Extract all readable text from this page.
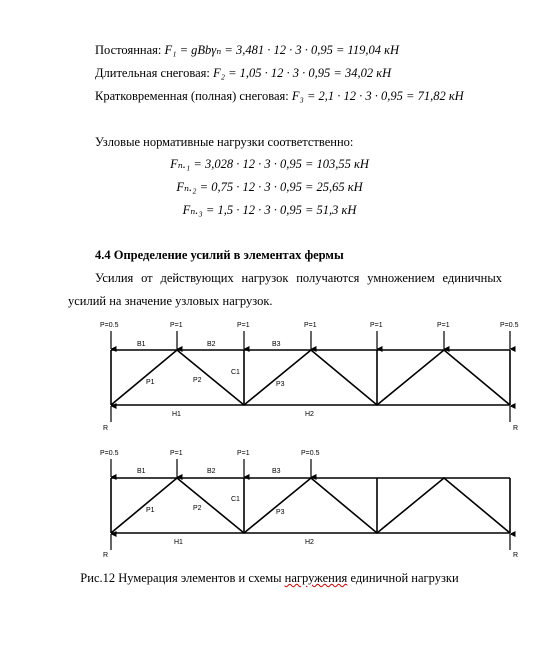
Постоянная: F₁ = gBbγₙ = 3,481 · 12 · 3 · 0,95 = 119,04 кН
Длительная снеговая: F₂ = 1,05 · 12 · 3 · 0,95 = 34,02 кН
Кратковременная (полная) снеговая: F₃ = 2,1 · 12 · 3 · 0,95 = 71,82 кН
Узловые нормативные нагрузки соответственно:
Fₙ.₁ = 3,028 · 12 · 3 · 0,95 = 103,55 кН
Fₙ.₂ = 0,75 · 12 · 3 · 0,95 = 25,65 кН
Fₙ.₃ = 1,5 · 12 · 3 · 0,95 = 51,3 кН
4.4 Определение усилий в элементах фермы
Усилия от действующих нагрузок получаются умножением единичных
усилий на значение узловых нагрузок.
P=0.5	P=1	P=1	P=1	P=1	P=1	P=0.5
B1	B2	B3
C1
P1	P2
P3
H1	H2
R	R
P=0.5	P=1	P=1	P=0.5
B1	B2	B3
C1
P1	P2
P3
H1	H2
R	R
Рис.12 Нумерация элементов и схемы нагружения единичной нагрузки
